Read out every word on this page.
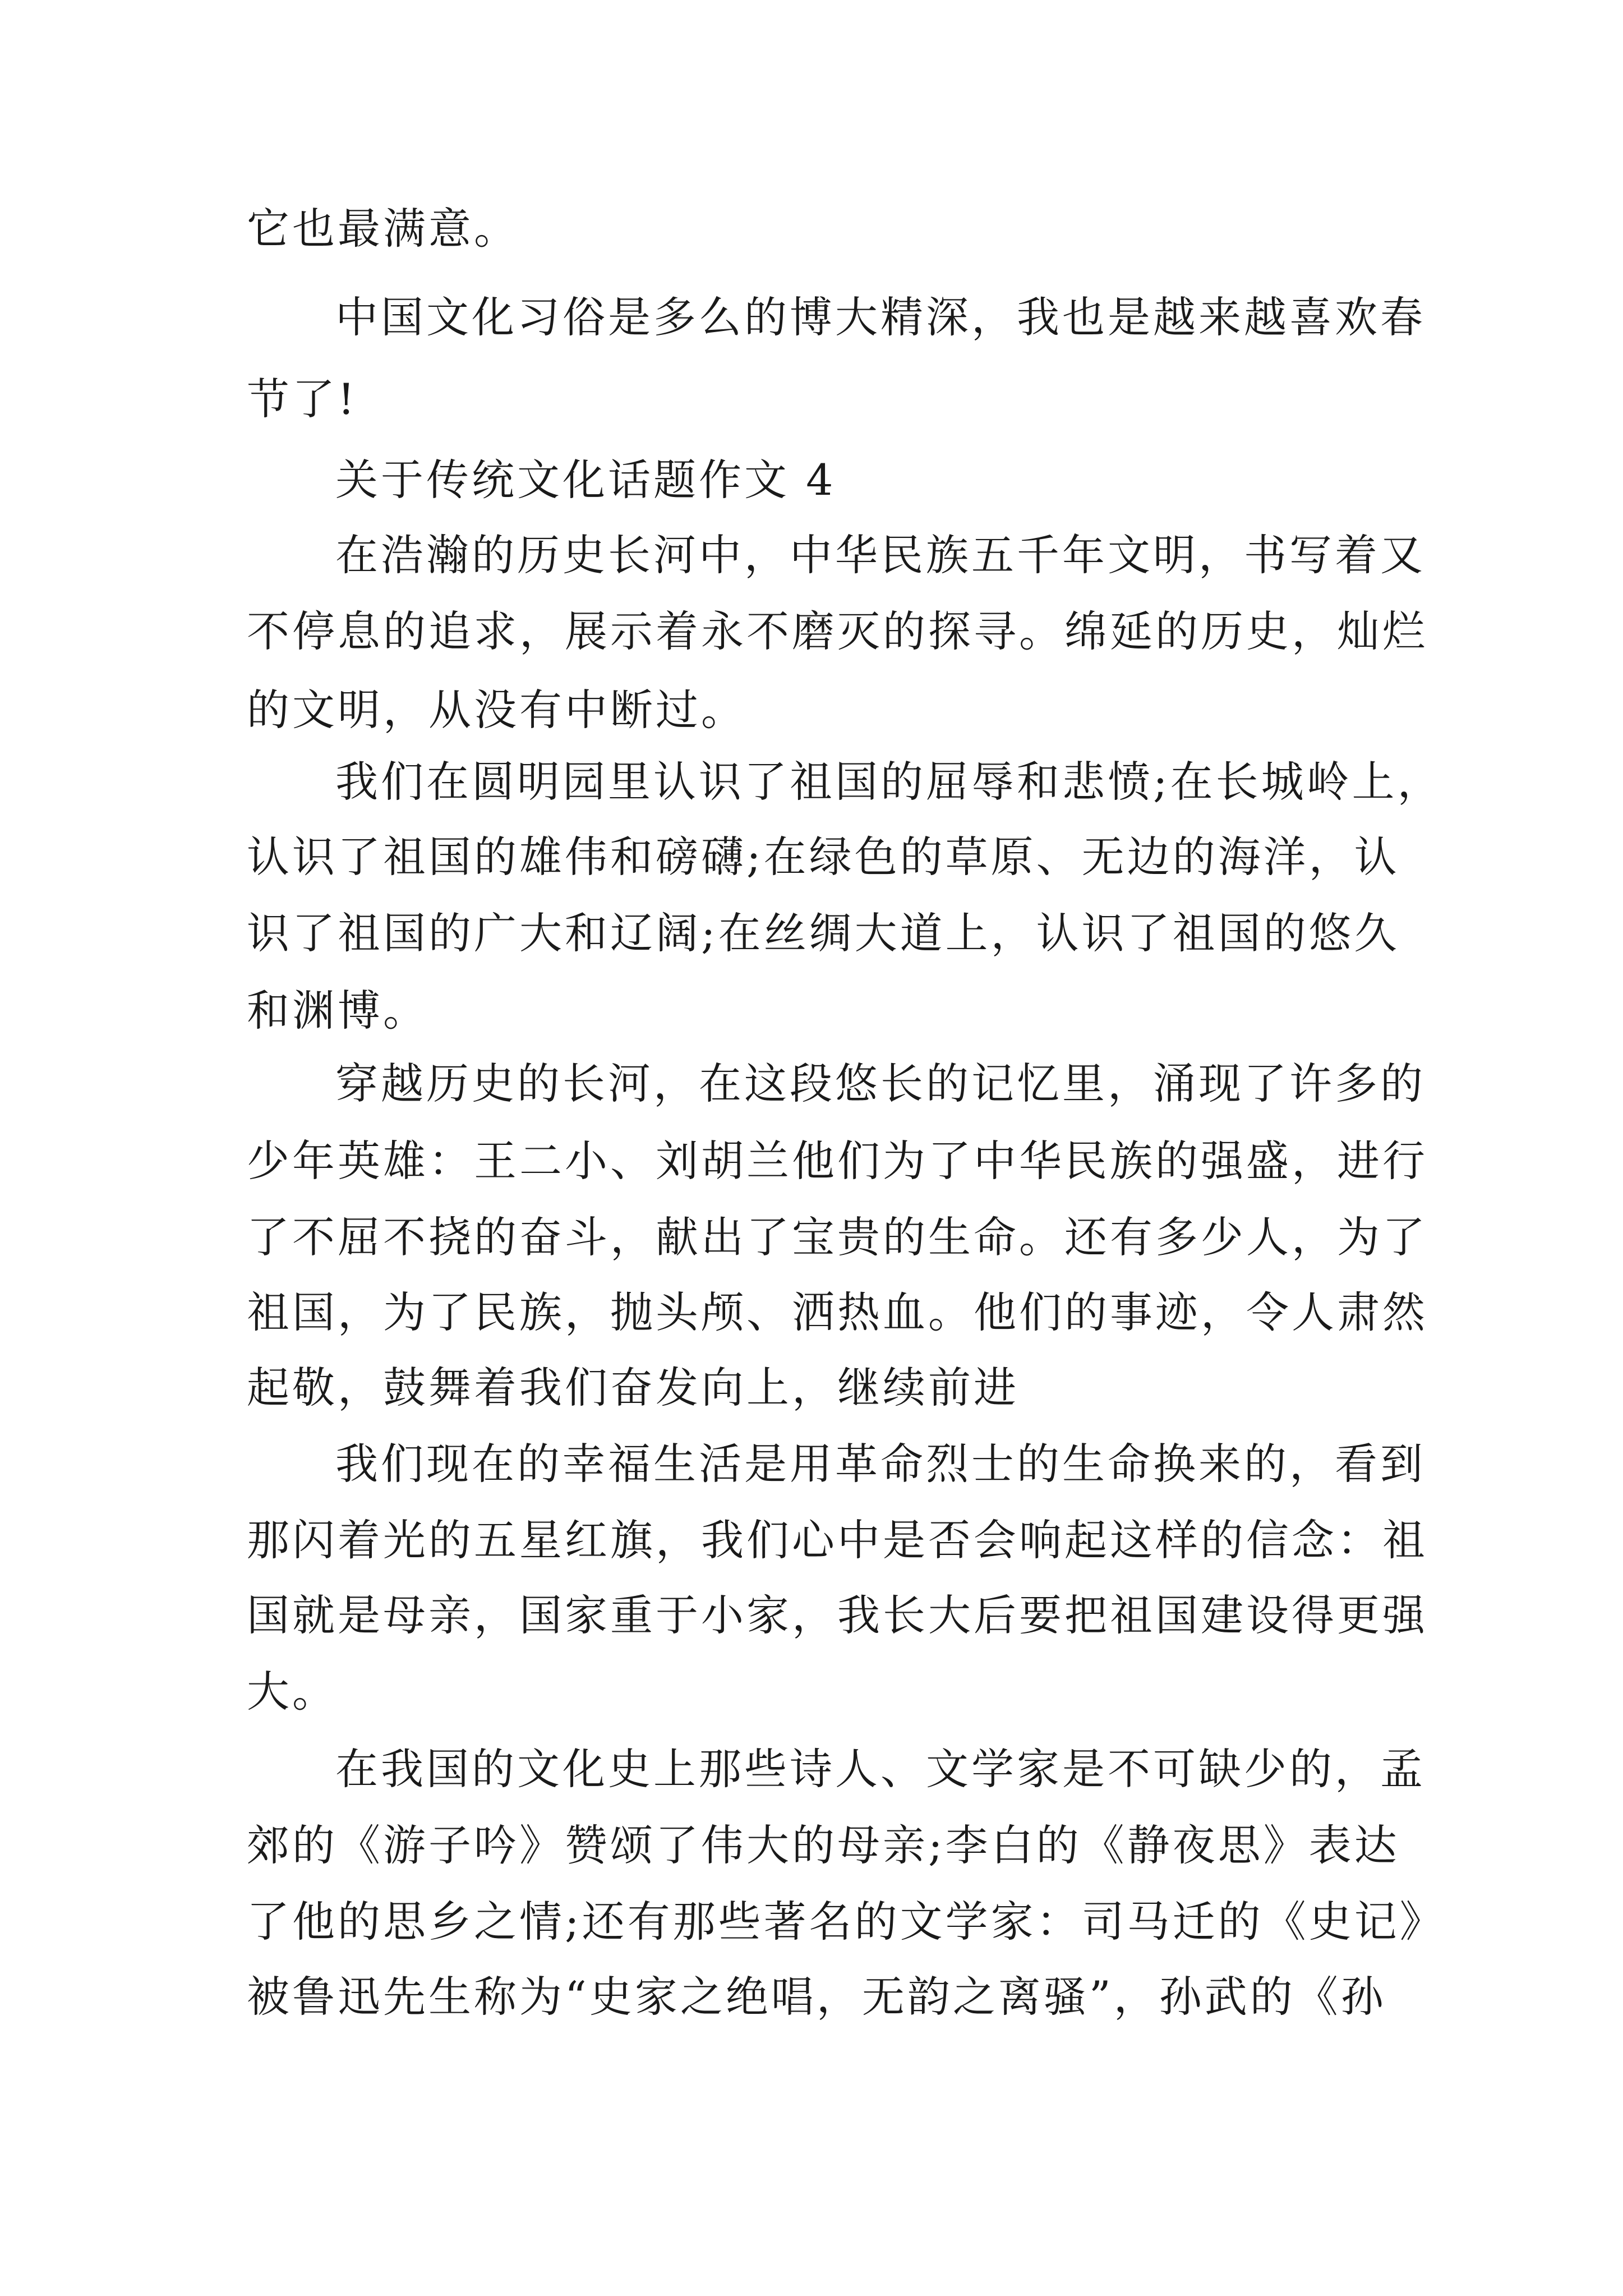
它也最满意。

中国文化习俗是多么的博大精深，我也是越来越喜欢春

节了!

关于传统文化话题作文 4

在浩瀚的历史长河中，中华民族五千年文明，书写着又

不停息的追求，展示着永不磨灭的探寻。绵延的历史，灿烂

的文明，从没有中断过。

我们在圆明园里认识了祖国的屈辱和悲愤;在长城岭上，

认识了祖国的雄伟和磅礴;在绿色的草原、无边的海洋，认

识了祖国的广大和辽阔;在丝绸大道上，认识了祖国的悠久

和渊博。

穿越历史的长河，在这段悠长的记忆里，涌现了许多的

少年英雄：王二小、刘胡兰他们为了中华民族的强盛，进行

了不屈不挠的奋斗，献出了宝贵的生命。还有多少人，为了

祖国，为了民族，抛头颅、洒热血。他们的事迹，令人肃然

起敬，鼓舞着我们奋发向上，继续前进

我们现在的幸福生活是用革命烈士的生命换来的，看到

那闪着光的五星红旗，我们心中是否会响起这样的信念：祖

国就是母亲，国家重于小家，我长大后要把祖国建设得更强

大。

在我国的文化史上那些诗人、文学家是不可缺少的，孟

郊的《游子吟》赞颂了伟大的母亲;李白的《静夜思》表达

了他的思乡之情;还有那些著名的文学家：司马迁的《史记》

被鲁迅先生称为“史家之绝唱，无韵之离骚”，孙武的《孙
